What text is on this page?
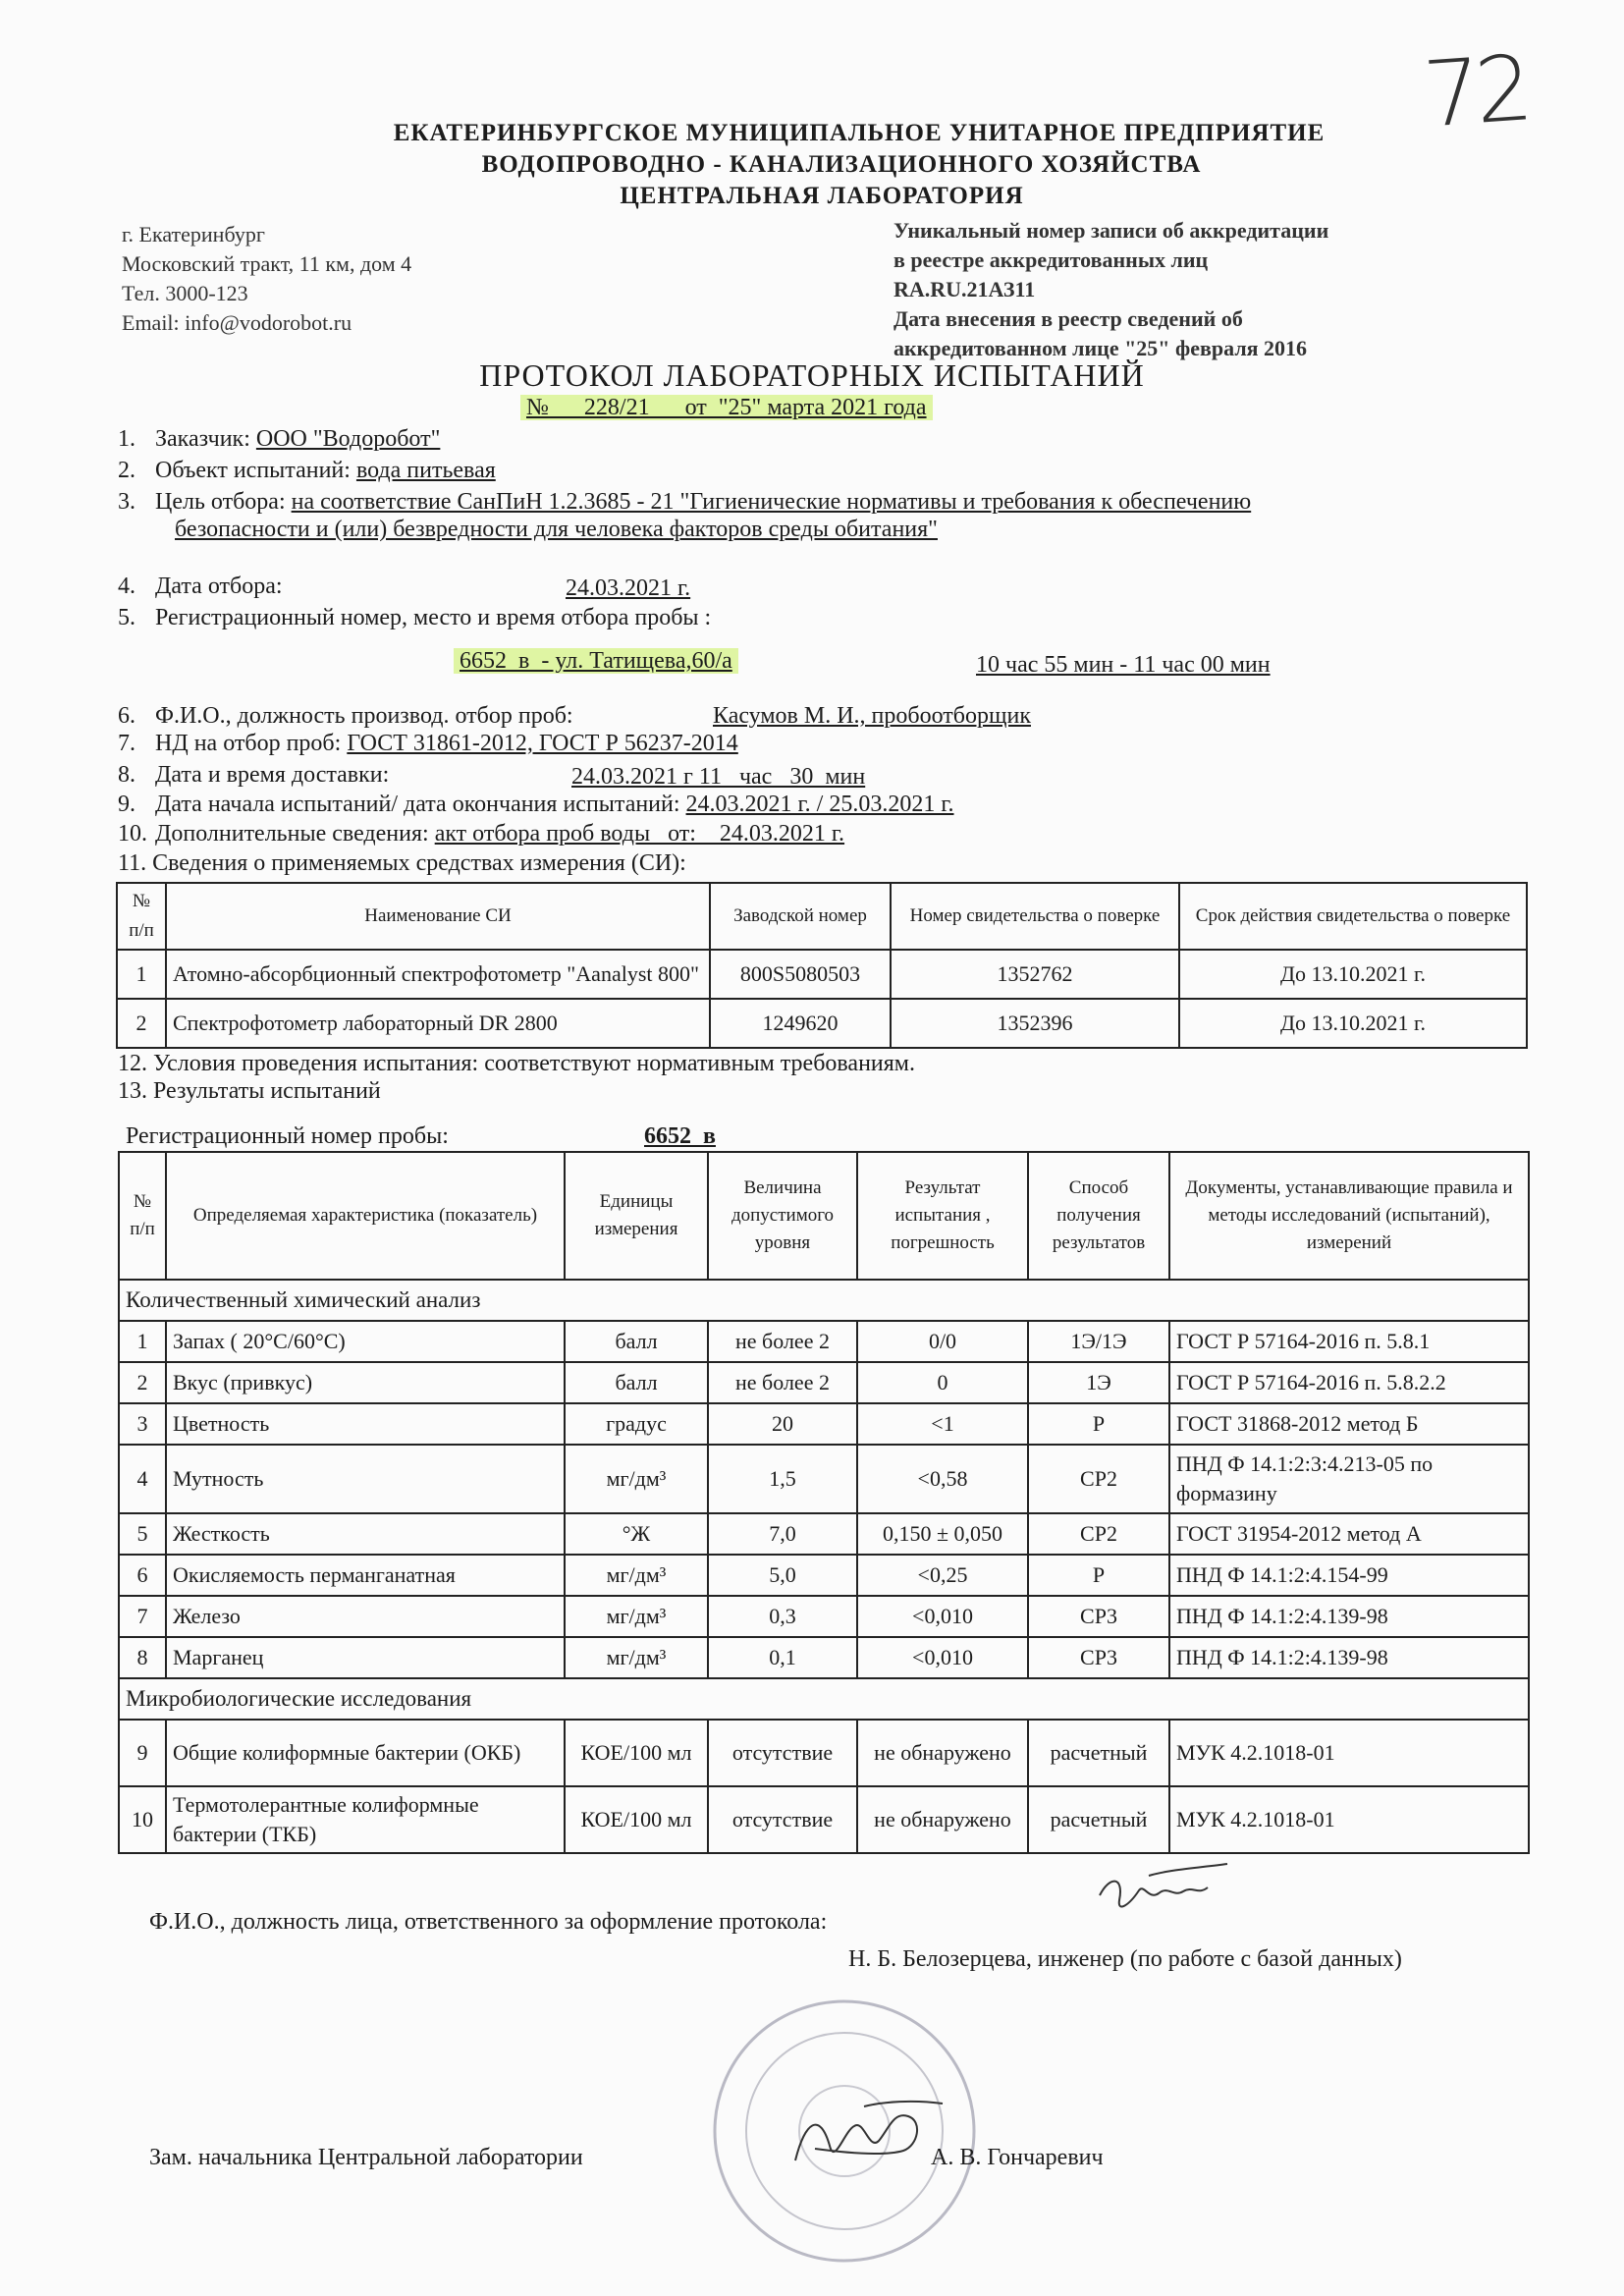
72
ЕКАТЕРИНБУРГСКОЕ МУНИЦИПАЛЬНОЕ УНИТАРНОЕ ПРЕДПРИЯТИЕ
ВОДОПРОВОДНО - КАНАЛИЗАЦИОННОГО ХОЗЯЙСТВА
ЦЕНТРАЛЬНАЯ ЛАБОРАТОРИЯ
г. Екатеринбург
Московский тракт, 11 км, дом 4
Тел. 3000-123
Email: info@vodorobot.ru
Уникальный номер записи об аккредитации
в реестре аккредитованных лиц
RA.RU.21АЗ11
Дата внесения в реестр сведений об
аккредитованном лице "25" февраля 2016
ПРОТОКОЛ ЛАБОРАТОРНЫХ ИСПЫТАНИЙ
№      228/21      от  "25" марта 2021 года
1. Заказчик: ООО "Водоробот"
2. Объект испытаний: вода питьевая
3. Цель отбора: на соответствие СанПиН 1.2.3685 - 21 "Гигиенические нормативы и требования к обеспечению
безопасности и (или) безвредности для человека факторов среды обитания"
4. Дата отбора:	24.03.2021 г.
5. Регистрационный номер, место и время отбора пробы :
6652  в  - ул. Татищева,60/а	10 час 55 мин - 11 час 00 мин
6. Ф.И.О., должность производ. отбор проб:	Касумов М. И., пробоотборщик
7. НД на отбор проб: ГОСТ 31861-2012, ГОСТ Р 56237-2014
8. Дата и время доставки:	24.03.2021 г 11   час   30  мин
9. Дата начала испытаний/ дата окончания испытаний: 24.03.2021 г. / 25.03.2021 г.
10. Дополнительные сведения: акт отбора проб воды   от:    24.03.2021 г.
11. Сведения о применяемых средствах измерения (СИ):
№ п/п	Наименование СИ	Заводской номер	Номер свидетельства о поверке	Срок действия свидетельства о поверке
1	Атомно-абсорбционный спектрофотометр "Aanalyst 800"	800S5080503	1352762	До 13.10.2021 г.
2	Спектрофотометр лабораторный DR 2800	1249620	1352396	До 13.10.2021 г.
12. Условия проведения испытания: соответствуют нормативным требованиям.
13. Результаты испытаний
Регистрационный номер пробы:	6652  в
№ п/п	Определяемая характеристика (показатель)	Единицы измерения	Величина допустимого уровня	Результат испытания , погрешность	Способ получения результатов	Документы, устанавливающие правила и методы исследований (испытаний), измерений
Количественный химический анализ						
1	Запах ( 20°С/60°С)	балл	не более 2	0/0	1Э/1Э	ГОСТ Р 57164-2016 п. 5.8.1
2	Вкус (привкус)	балл	не более 2	0	1Э	ГОСТ Р 57164-2016 п. 5.8.2.2
3	Цветность	градус	20	<1	Р	ГОСТ 31868-2012 метод Б
4	Мутность	мг/дм³	1,5	<0,58	СР2	ПНД Ф 14.1:2:3:4.213-05 по формазину
5	Жесткость	°Ж	7,0	0,150 ± 0,050	СР2	ГОСТ 31954-2012 метод А
6	Окисляемость перманганатная	мг/дм³	5,0	<0,25	Р	ПНД Ф 14.1:2:4.154-99
7	Железо	мг/дм³	0,3	<0,010	СР3	ПНД Ф 14.1:2:4.139-98
8	Марганец	мг/дм³	0,1	<0,010	СР3	ПНД Ф 14.1:2:4.139-98
Микробиологические исследования						
9	Общие колиформные бактерии (ОКБ)	КОЕ/100 мл	отсутствие	не обнаружено	расчетный	МУК 4.2.1018-01
10	Термотолерантные колиформные бактерии (ТКБ)	КОЕ/100 мл	отсутствие	не обнаружено	расчетный	МУК 4.2.1018-01
Ф.И.О., должность лица, ответственного за оформление протокола:
Н. Б. Белозерцева, инженер (по работе с базой данных)
Зам. начальника Центральной лаборатории	А. В. Гончаревич
